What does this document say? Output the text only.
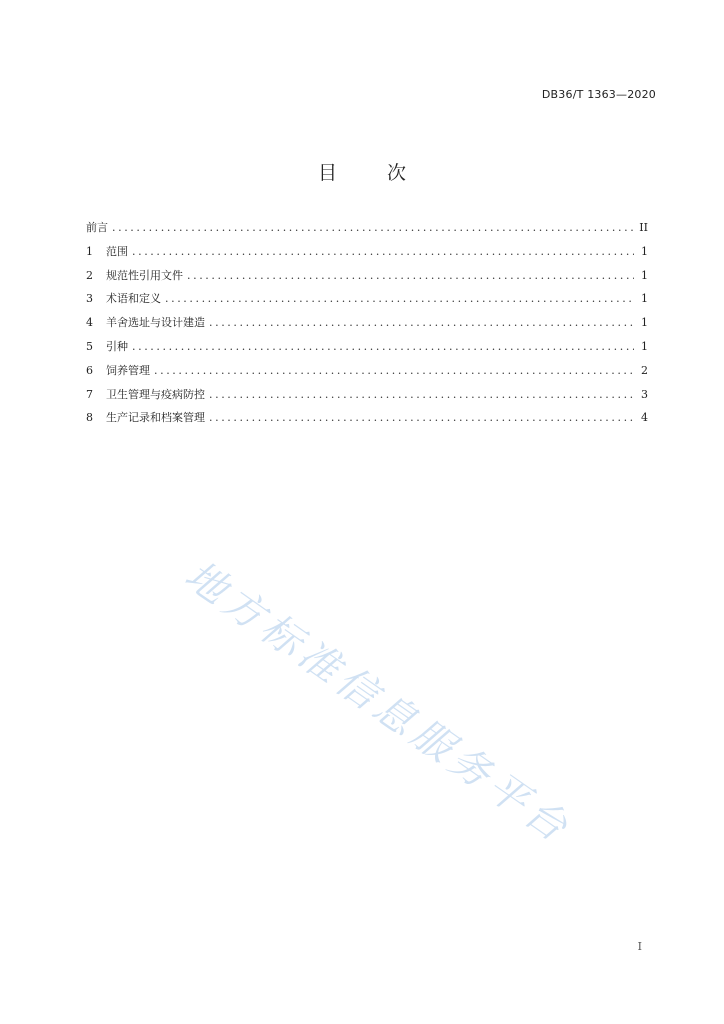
DB36/T 1363—2020
目 次
前言 .....	II
1	范围 .....	1
2	规范性引用文件 .....	1
3	术语和定义 .....	1
4	羊舍选址与设计建造 .....	1
5	引种 .....	1
6	饲养管理 .....	2
7	卫生管理与疫病防控 .....	3
8	生产记录和档案管理 .....	4
地方标准信息服务平台
I
